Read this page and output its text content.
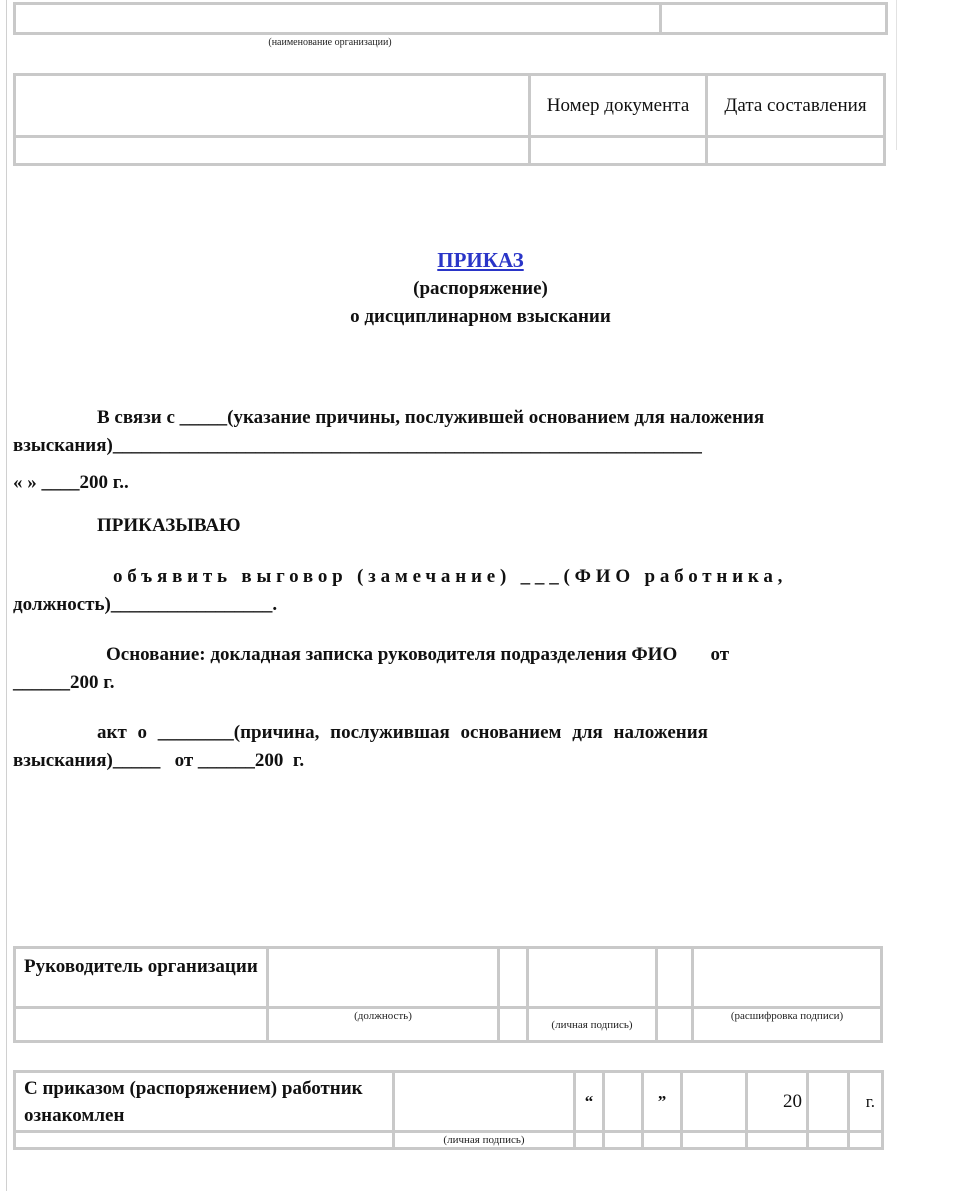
(наименование организации)
	Номер документа	Дата составления

ПРИКАЗ
(распоряжение)
о дисциплинарном взыскании
В связи с _____(указание причины, послужившей основанием для наложения
взыскания)______________________________________________________________
« » ____200 г..
ПРИКАЗЫВАЮ
объявить выговор (замечание) ___(ФИО работника,
должность)_________________.
Основание: докладная записка руководителя подразделения ФИО       от
______200 г.
акт о ________(причина, послужившая основанием для наложения
взыскания)_____   от ______200  г.
Руководитель организации					
	(должность)		(личная подпись)		(расшифровка подписи)
С приказом (распоряжением) работник ознакомлен		“		”		20		г.
	(личная подпись)							
